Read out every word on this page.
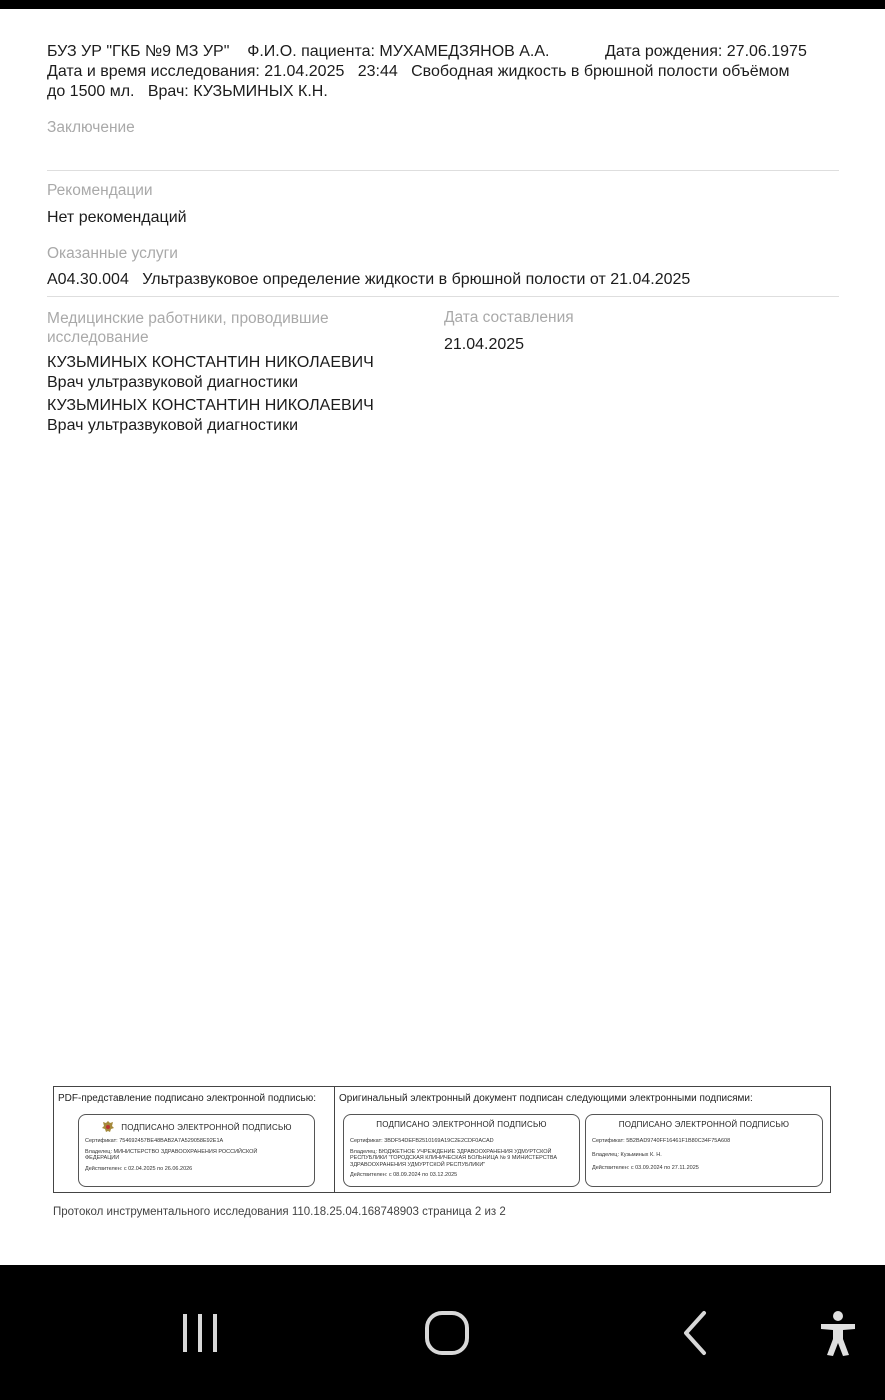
БУЗ УР "ГКБ №9 МЗ УР" Ф.И.О. пациента: МУХАМЕДЗЯНОВ А.А.	Дата рождения: 27.06.1975
Дата и время исследования: 21.04.2025 23:44 Свободная жидкость в брюшной полости объёмом
до 1500 мл. Врач: КУЗЬМИНЫХ К.Н.
Заключение
Рекомендации
Нет рекомендаций
Оказанные услуги
A04.30.004 Ультразвуковое определение жидкости в брюшной полости от 21.04.2025
Медицинские работники, проводившие
исследование
Дата составления
21.04.2025
КУЗЬМИНЫХ КОНСТАНТИН НИКОЛАЕВИЧ
Врач ультразвуковой диагностики
КУЗЬМИНЫХ КОНСТАНТИН НИКОЛАЕВИЧ
Врач ультразвуковой диагностики
PDF-представление подписано электронной подписью: Оригинальный электронный документ подписан следующими электронными подписями:
ПОДПИСАНО ЭЛЕКТРОННОЙ ПОДПИСЬЮ
Сертификат: 754692457BE48BAB2A7A529058E92E1A
Владелец: МИНИСТЕРСТВО ЗДРАВООХРАНЕНИЯ РОССИЙСКОЙ
ФЕДЕРАЦИИ
Действителен: с 02.04.2025 по 26.06.2026
ПОДПИСАНО ЭЛЕКТРОННОЙ ПОДПИСЬЮ
Сертификат: 3BDF54DEFB2510169A19C2E2CDF0ACAD
Владелец: БЮДЖЕТНОЕ УЧРЕЖДЕНИЕ ЗДРАВООХРАНЕНИЯ УДМУРТСКОЙ
РЕСПУБЛИКИ "ГОРОДСКАЯ КЛИНИЧЕСКАЯ БОЛЬНИЦА № 9 МИНИСТЕРСТВА
ЗДРАВООХРАНЕНИЯ УДМУРТСКОЙ РЕСПУБЛИКИ"
Действителен: с 08.09.2024 по 03.12.2025
ПОДПИСАНО ЭЛЕКТРОННОЙ ПОДПИСЬЮ
Сертификат: 5B2BAD9740FF16461F1B80C34F75A608
Владелец: Кузьминых К. Н.
Действителен: с 03.09.2024 по 27.11.2025
Протокол инструментального исследования 110.18.25.04.168748903 страница 2 из 2
